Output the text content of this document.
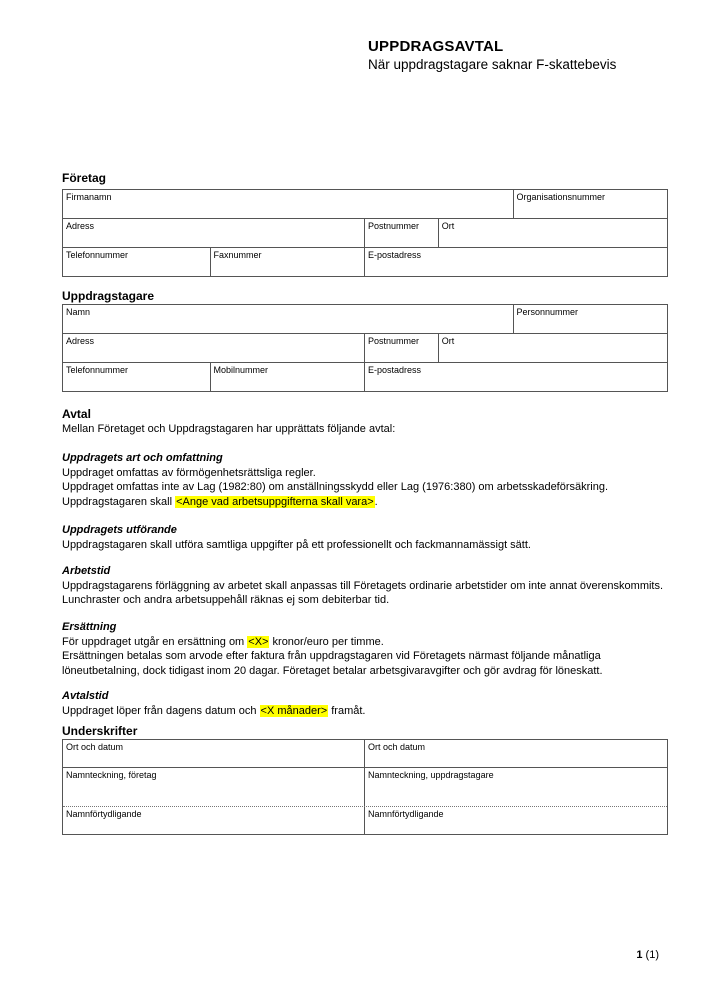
UPPDRAGSAVTAL
När uppdragstagare saknar F-skattebevis
Företag
Firmanamn	Organisationsnummer
Adress	Postnummer	Ort
Telefonnummer	Faxnummer	E-postadress
Uppdragstagare
Namn	Personnummer
Adress	Postnummer	Ort
Telefonnummer	Mobilnummer	E-postadress
Avtal
Mellan Företaget och Uppdragstagaren har upprättats följande avtal:
Uppdragets art och omfattning
Uppdraget omfattas av förmögenhetsrättsliga regler.
Uppdraget omfattas inte av Lag (1982:80) om anställningsskydd eller Lag (1976:380) om arbetsskadeförsäkring.
Uppdragstagaren skall <Ange vad arbetsuppgifterna skall vara>.
Uppdragets utförande
Uppdragstagaren skall utföra samtliga uppgifter på ett professionellt och fackmannamässigt sätt.
Arbetstid
Uppdragstagarens förläggning av arbetet skall anpassas till Företagets ordinarie arbetstider om inte annat överenskommits. Lunchraster och andra arbetsuppehåll räknas ej som debiterbar tid.
Ersättning
För uppdraget utgår en ersättning om <X> kronor/euro per timme.
Ersättningen betalas som arvode efter faktura från uppdragstagaren vid Företagets närmast följande månatliga löneutbetalning, dock tidigast inom 20 dagar. Företaget betalar arbetsgivaravgifter och gör avdrag för löneskatt.
Avtalstid
Uppdraget löper från dagens datum och <X månader> framåt.
Underskrifter
Ort och datum	Ort och datum
Namnteckning, företag	Namnteckning, uppdragstagare
Namnförtydligande	Namnförtydligande
1 (1)
